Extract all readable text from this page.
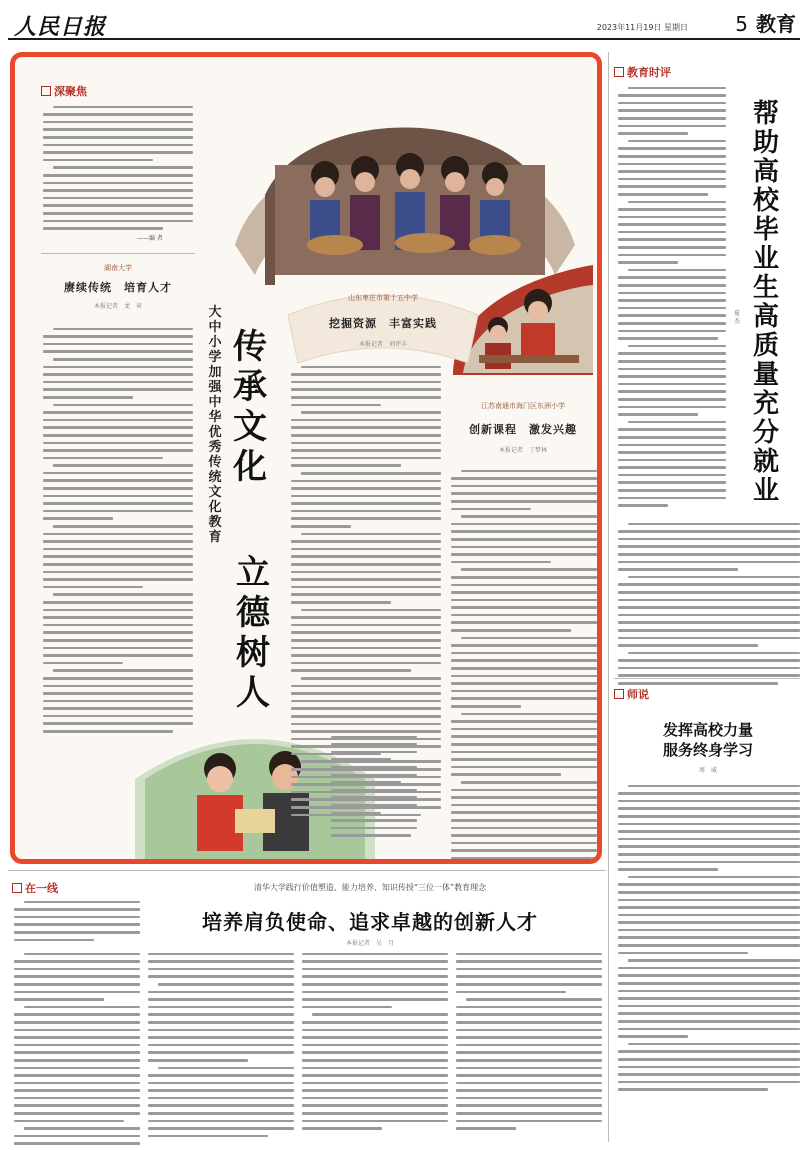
人民日报	2023年11月19日 星期日 5 教育
深聚焦
——编 者
湖南大学
赓续传统　培育人才
本报记者　龙　章	大中小学加强中华优秀传统文化教育
传承文化
立德树人
山东枣庄市第十五中学
挖掘资源　丰富实践
本报记者　刘评丰
江苏南通市海门区东洲小学
创新课程　激发兴趣
本报记者　丁梦林
教育时评
帮助高校毕业生高质量充分就业
夏　杰
师说
发挥高校力量
服务终身学习
周　威
在一线	清华大学践行价值塑造、能力培养、知识传授“三位一体”教育理念
培养肩负使命、追求卓越的创新人才
本报记者　吴　月
